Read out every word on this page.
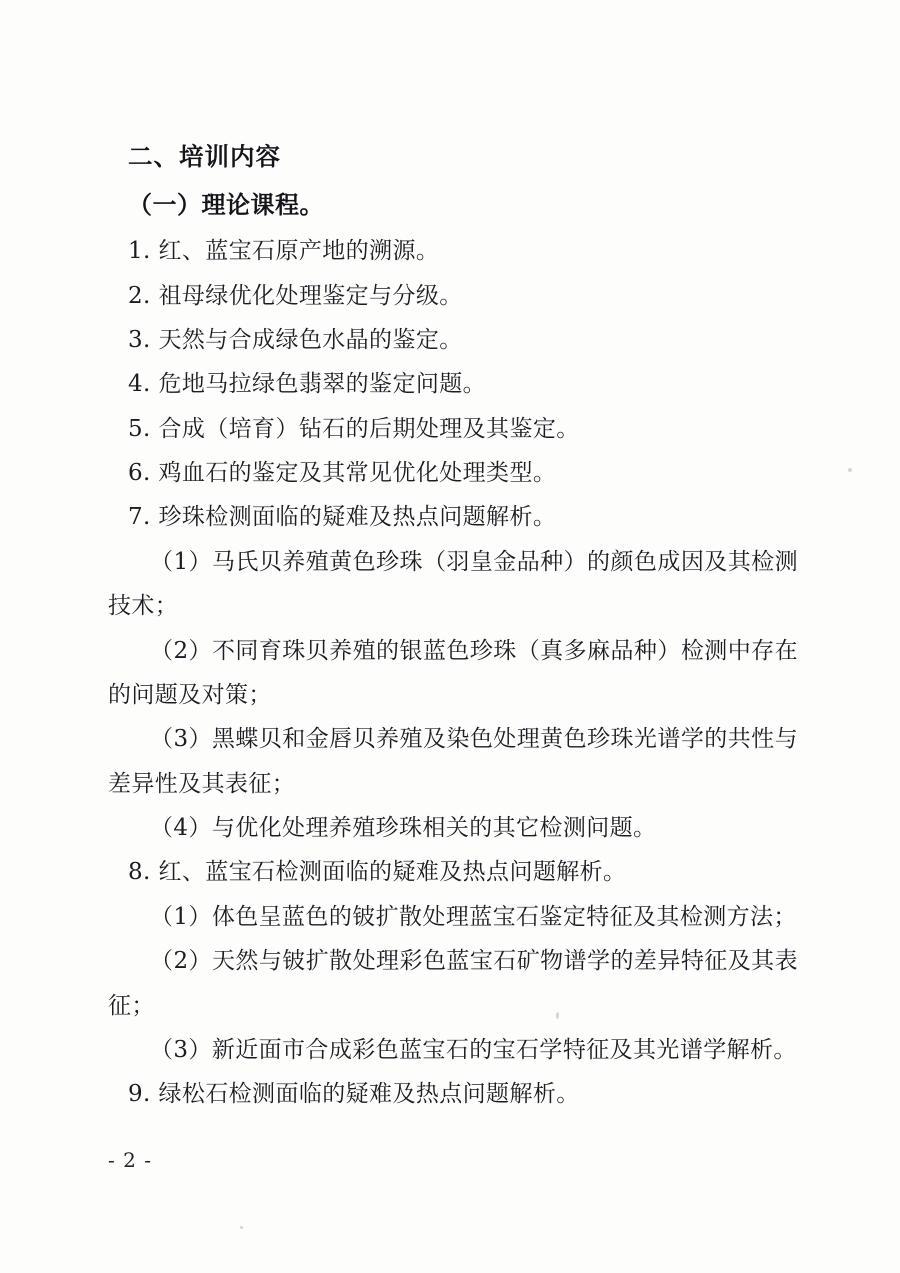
二、培训内容
（一）理论课程。

1. 红、蓝宝石原产地的溯源。

2. 祖母绿优化处理鉴定与分级。

3. 天然与合成绿色水晶的鉴定。

4. 危地马拉绿色翡翠的鉴定问题。

5. 合成（培育）钻石的后期处理及其鉴定。

6. 鸡血石的鉴定及其常见优化处理类型。

7. 珍珠检测面临的疑难及热点问题解析。

（1）马氏贝养殖黄色珍珠（羽皇金品种）的颜色成因及其检测技术；

（2）不同育珠贝养殖的银蓝色珍珠（真多麻品种）检测中存在的问题及对策；

（3）黑蝶贝和金唇贝养殖及染色处理黄色珍珠光谱学的共性与差异性及其表征；

（4）与优化处理养殖珍珠相关的其它检测问题。

8. 红、蓝宝石检测面临的疑难及热点问题解析。

（1）体色呈蓝色的铍扩散处理蓝宝石鉴定特征及其检测方法；

（2）天然与铍扩散处理彩色蓝宝石矿物谱学的差异特征及其表征；

（3）新近面市合成彩色蓝宝石的宝石学特征及其光谱学解析。

9. 绿松石检测面临的疑难及热点问题解析。

- 2 -
